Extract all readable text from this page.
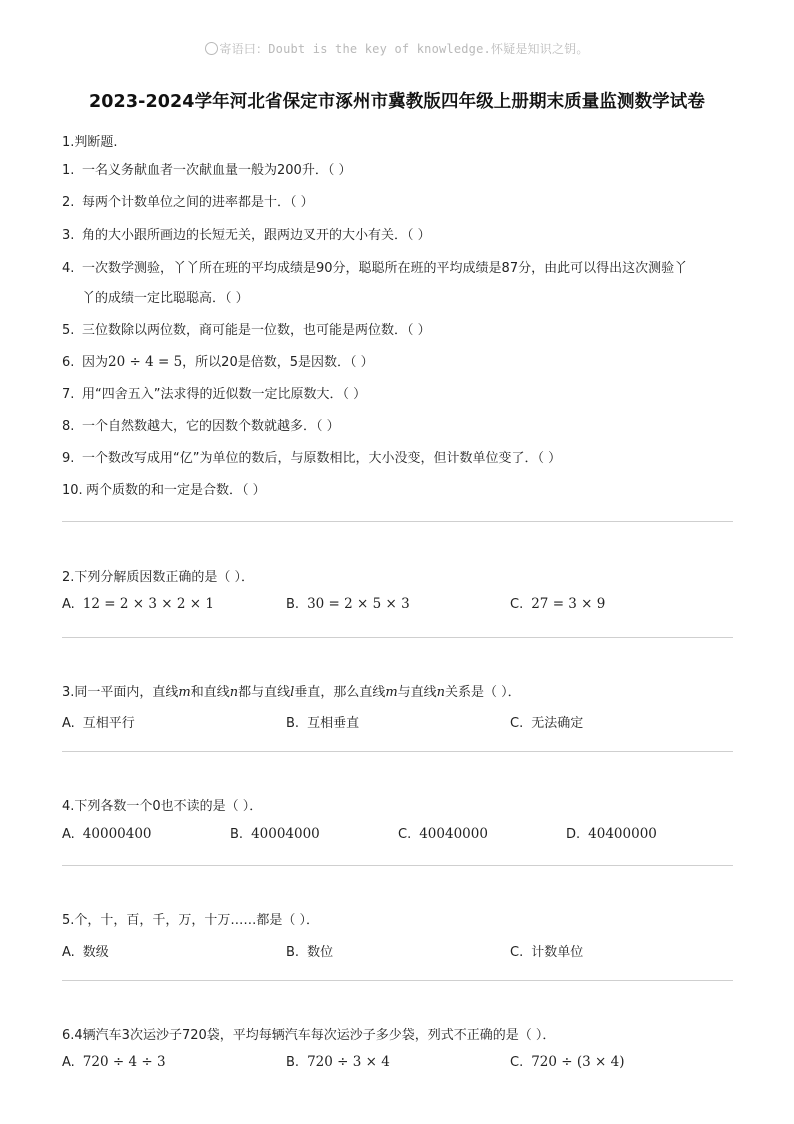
寄语曰：Doubt is the key of knowledge.怀疑是知识之钥。
2023-2024学年河北省保定市涿州市冀教版四年级上册期末质量监测数学试卷
1.判断题.
1. 一名义务献血者一次献血量一般为200升．（ ）
2. 每两个计数单位之间的进率都是十．（ ）
3. 角的大小跟所画边的长短无关，跟两边叉开的大小有关．（ ）
4. 一次数学测验，丫丫所在班的平均成绩是90分，聪聪所在班的平均成绩是87分，由此可以得出这次测验丫
丫的成绩一定比聪聪高．（ ）
5. 三位数除以两位数，商可能是一位数，也可能是两位数．（ ）
6. 因为20 ÷ 4 = 5，所以20是倍数，5是因数．（ ）
7. 用“四舍五入”法求得的近似数一定比原数大．（ ）
8. 一个自然数越大，它的因数个数就越多．（ ）
9. 一个数改写成用“亿”为单位的数后，与原数相比，大小没变，但计数单位变了．（ ）
10. 两个质数的和一定是合数．（ ）
2.下列分解质因数正确的是（ ）．
A. 12 = 2 × 3 × 2 × 1	B. 30 = 2 × 5 × 3	C. 27 = 3 × 9
3.同一平面内，直线m和直线n都与直线l垂直，那么直线m与直线n关系是（ ）．
A. 互相平行	B. 互相垂直	C. 无法确定
4.下列各数一个0也不读的是（ ）．
A. 40000400	B. 40004000	C. 40040000	D. 40400000
5.个，十，百，千，万，十万……都是（ ）．
A. 数级	B. 数位	C. 计数单位
6.4辆汽车3次运沙子720袋，平均每辆汽车每次运沙子多少袋，列式不正确的是（ ）．
A. 720 ÷ 4 ÷ 3	B. 720 ÷ 3 × 4	C. 720 ÷ (3 × 4)
